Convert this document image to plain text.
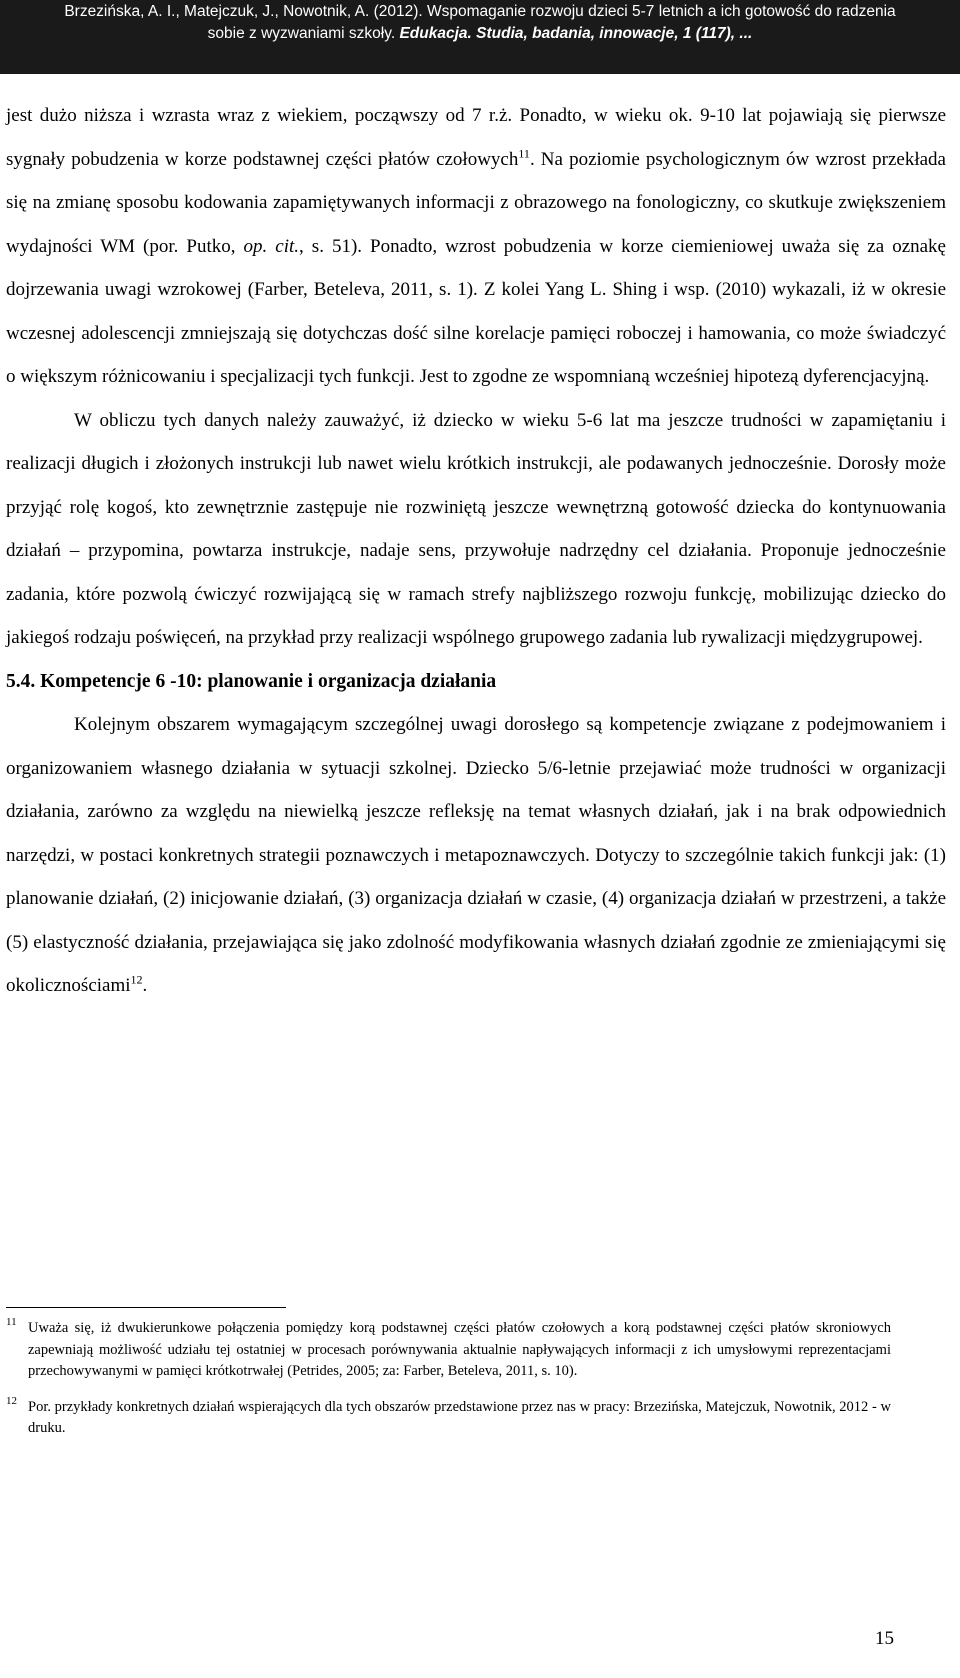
Brzezińska, A. I., Matejczuk, J., Nowotnik, A. (2012). Wspomaganie rozwoju dzieci 5-7 letnich a ich gotowość do radzenia
sobie z wyzwaniami szkoły. Edukacja. Studia, badania, innowacje, 1 (117), ...

jest dużo niższa i wzrasta wraz z wiekiem, począwszy od 7 r.ż. Ponadto, w wieku ok. 9-10 lat pojawiają się pierwsze sygnały pobudzenia w korze podstawnej części płatów czołowych$^{11}$. Na poziomie psychologicznym ów wzrost przekłada się na zmianę sposobu kodowania zapamiętywanych informacji z obrazowego na fonologiczny, co skutkuje zwiększeniem wydajności WM (por. Putko, op. cit., s. 51). Ponadto, wzrost pobudzenia w korze ciemieniowej uważa się za oznakę dojrzewania uwagi wzrokowej (Farber, Beteleva, 2011, s. 1). Z kolei Yang L. Shing i wsp. (2010) wykazali, iż w okresie wczesnej adolescencji zmniejszają się dotychczas dość silne korelacje pamięci roboczej i hamowania, co może świadczyć o większym różnicowaniu i specjalizacji tych funkcji. Jest to zgodne ze wspomnianą wcześniej hipotezą dyferencjacyjną.

W obliczu tych danych należy zauważyć, iż dziecko w wieku 5-6 lat ma jeszcze trudności w zapamiętaniu i realizacji długich i złożonych instrukcji lub nawet wielu krótkich instrukcji, ale podawanych jednocześnie. Dorosły może przyjąć rolę kogoś, kto zewnętrznie zastępuje nie rozwiniętą jeszcze wewnętrzną gotowość dziecka do kontynuowania działań – przypomina, powtarza instrukcje, nadaje sens, przywołuje nadrzędny cel działania. Proponuje jednocześnie zadania, które pozwolą ćwiczyć rozwijającą się w ramach strefy najbliższego rozwoju funkcję, mobilizując dziecko do jakiegoś rodzaju poświęceń, na przykład przy realizacji wspólnego grupowego zadania lub rywalizacji międzygrupowej.

5.4. Kompetencje 6 -10: planowanie i organizacja działania

Kolejnym obszarem wymagającym szczególnej uwagi dorosłego są kompetencje związane z podejmowaniem i organizowaniem własnego działania w sytuacji szkolnej. Dziecko 5/6-letnie przejawiać może trudności w organizacji działania, zarówno za względu na niewielką jeszcze refleksję na temat własnych działań, jak i na brak odpowiednich narzędzi, w postaci konkretnych strategii poznawczych i metapoznawczych. Dotyczy to szczególnie takich funkcji jak: (1) planowanie działań, (2) inicjowanie działań, (3) organizacja działań w czasie, (4) organizacja działań w przestrzeni, a także (5) elastyczność działania, przejawiająca się jako zdolność modyfikowania własnych działań zgodnie ze zmieniającymi się okolicznościami$^{12}$.

11 Uważa się, iż dwukierunkowe połączenia pomiędzy korą podstawnej części płatów czołowych a korą podstawnej części płatów skroniowych zapewniają możliwość udziału tej ostatniej w procesach porównywania aktualnie napływających informacji z ich umysłowymi reprezentacjami przechowywanymi w pamięci krótkotrwałej (Petrides, 2005; za: Farber, Beteleva, 2011, s. 10).
12 Por. przykłady konkretnych działań wspierających dla tych obszarów przedstawione przez nas w pracy: Brzezińska, Matejczuk, Nowotnik, 2012 - w druku.
15
